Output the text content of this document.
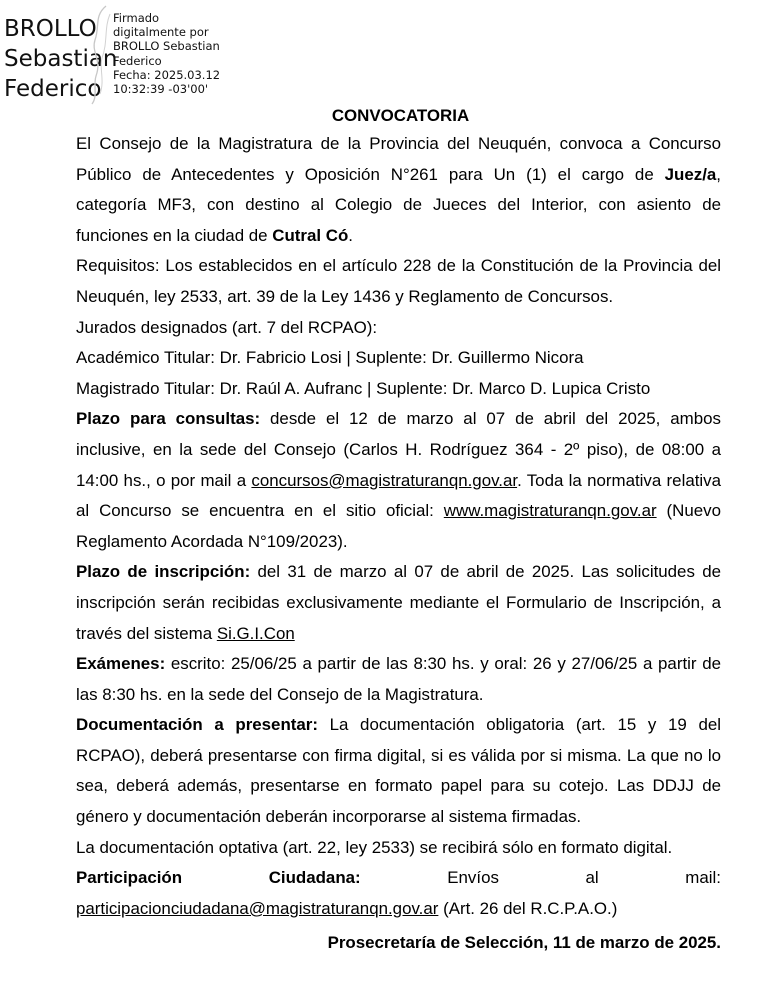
BROLLO
Sebastian
Federico
Firmado
digitalmente por
BROLLO Sebastian
Federico
Fecha: 2025.03.12
10:32:39 -03'00'

CONVOCATORIA

El Consejo de la Magistratura de la Provincia del Neuquén, convoca a Concurso Público de Antecedentes y Oposición N°261 para Un (1) el cargo de Juez/a, categoría MF3, con destino al Colegio de Jueces del Interior, con asiento de funciones en la ciudad de Cutral Có.

Requisitos: Los establecidos en el artículo 228 de la Constitución de la Provincia del Neuquén, ley 2533, art. 39 de la Ley 1436 y Reglamento de Concursos.

Jurados designados (art. 7 del RCPAO):

Académico Titular: Dr. Fabricio Losi | Suplente: Dr. Guillermo Nicora

Magistrado Titular: Dr. Raúl A. Aufranc | Suplente: Dr. Marco D. Lupica Cristo

Plazo para consultas: desde el 12 de marzo al 07 de abril del 2025, ambos inclusive, en la sede del Consejo (Carlos H. Rodríguez 364 - 2º piso), de 08:00 a 14:00 hs., o por mail a concursos@magistraturanqn.gov.ar. Toda la normativa relativa al Concurso se encuentra en el sitio oficial: www.magistraturanqn.gov.ar (Nuevo Reglamento Acordada N°109/2023).

Plazo de inscripción: del 31 de marzo al 07 de abril de 2025. Las solicitudes de inscripción serán recibidas exclusivamente mediante el Formulario de Inscripción, a través del sistema Si.G.I.Con

Exámenes: escrito: 25/06/25 a partir de las 8:30 hs. y oral: 26 y 27/06/25 a partir de las 8:30 hs. en la sede del Consejo de la Magistratura.

Documentación a presentar: La documentación obligatoria (art. 15 y 19 del RCPAO), deberá presentarse con firma digital, si es válida por si misma. La que no lo sea, deberá además, presentarse en formato papel para su cotejo. Las DDJJ de género y documentación deberán incorporarse al sistema firmadas.

La documentación optativa (art. 22, ley 2533) se recibirá sólo en formato digital.

Participación	Ciudadana:	Envíos	al	mail:

participacionciudadana@magistraturanqn.gov.ar (Art. 26 del R.C.P.A.O.)

Prosecretaría de Selección, 11 de marzo de 2025.
